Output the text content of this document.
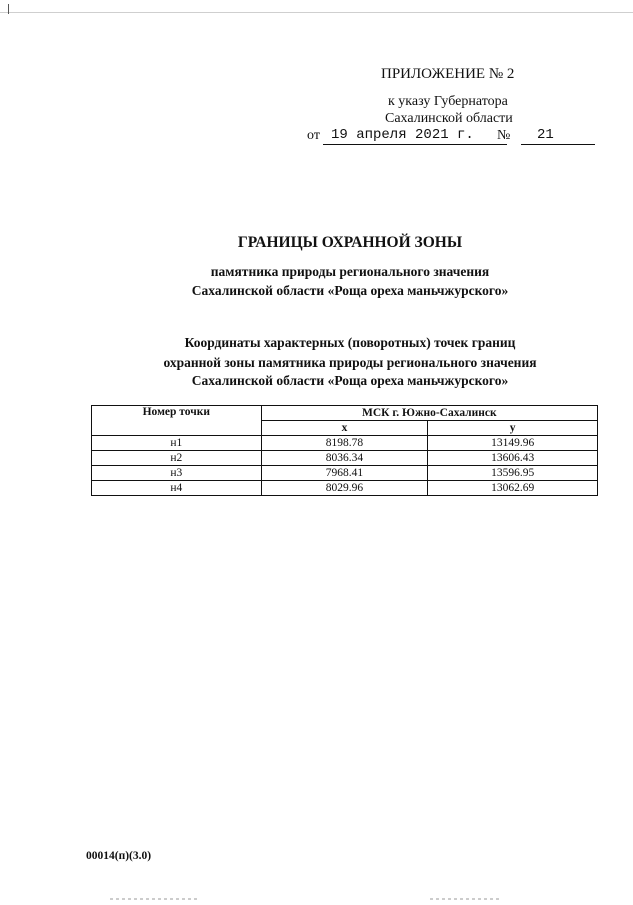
ПРИЛОЖЕНИЕ № 2
к указу Губернатора
Сахалинской области
от 19 апреля 2021 г.	№	21
ГРАНИЦЫ ОХРАННОЙ ЗОНЫ
памятника природы регионального значения
Сахалинской области «Роща ореха маньчжурского»
Координаты характерных (поворотных) точек границ
охранной зоны памятника природы регионального значения
Сахалинской области «Роща ореха маньчжурского»
Номер точки	МСК г. Южно-Сахалинск	
	x	y
н1	8198.78	13149.96
н2	8036.34	13606.43
н3	7968.41	13596.95
н4	8029.96	13062.69
00014(п)(3.0)
